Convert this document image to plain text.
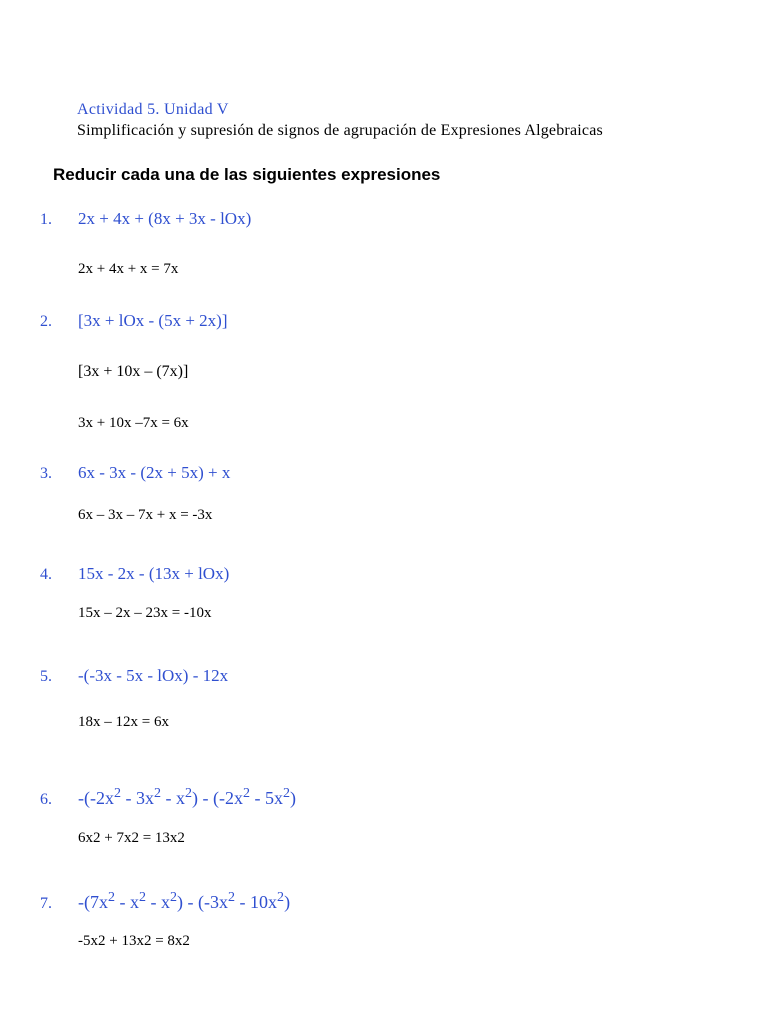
Actividad 5. Unidad V
Simplificación y supresión de signos de agrupación de Expresiones Algebraicas
Reducir cada una de las siguientes expresiones
1. 2x + 4x + (8x + 3x - lOx)
2x + 4x + x = 7x
2. [3x + lOx - (5x + 2x)]
[3x + 10x – (7x)]
3x + 10x –7x = 6x
3. 6x - 3x - (2x + 5x) + x
6x – 3x – 7x + x = -3x
4. 15x - 2x - (13x + lOx)
15x – 2x – 23x = -10x
5. -(-3x - 5x - lOx) - 12x
18x – 12x = 6x
6. $-(-2x^2 - 3x^2 - x^2) - (-2x^2 - 5x^2)$
6x2 + 7x2 = 13x2
7. $-(7x^2 - x^2 - x^2) - (-3x^2 - 10x^2)$
-5x2 + 13x2 = 8x2
